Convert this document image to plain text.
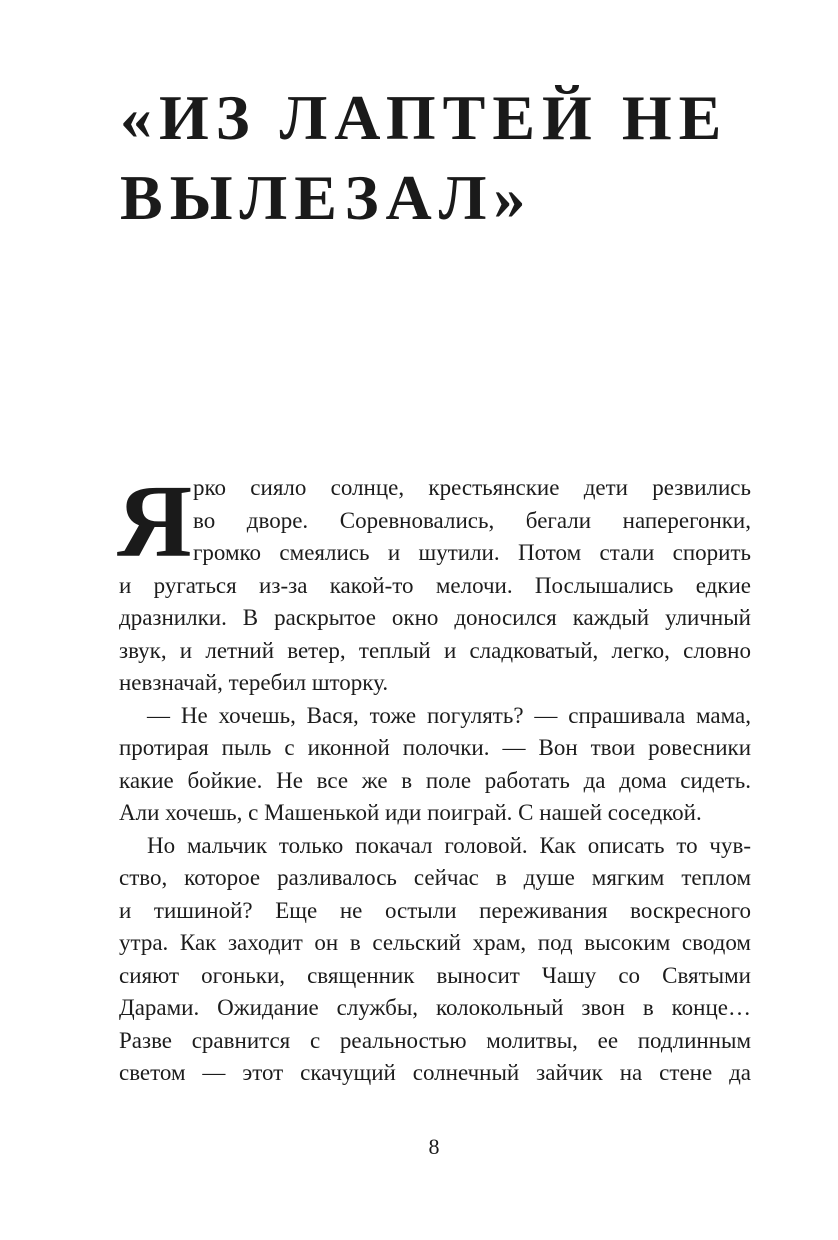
«ИЗ ЛАПТЕЙ НЕ
ВЫЛЕЗАЛ»
Я рко сияло солнце, крестьянские дети резвились
во дворе. Соревновались, бегали наперегонки,
громко смеялись и шутили. Потом стали спорить
и ругаться из-за какой-то мелочи. Послышались едкие
дразнилки. В раскрытое окно доносился каждый уличный
звук, и летний ветер, теплый и сладковатый, легко, словно
невзначай, теребил шторку.
— Не хочешь, Вася, тоже погулять? — спрашивала мама,
протирая пыль с иконной полочки. — Вон твои ровесники
какие бойкие. Не все же в поле работать да дома сидеть.
Али хочешь, с Машенькой иди поиграй. С нашей соседкой.
Но мальчик только покачал головой. Как описать то чув-
ство, которое разливалось сейчас в душе мягким теплом
и тишиной? Еще не остыли переживания воскресного
утра. Как заходит он в сельский храм, под высоким сводом
сияют огоньки, священник выносит Чашу со Святыми
Дарами. Ожидание службы, колокольный звон в конце…
Разве сравнится с реальностью молитвы, ее подлинным
светом — этот скачущий солнечный зайчик на стене да
8
